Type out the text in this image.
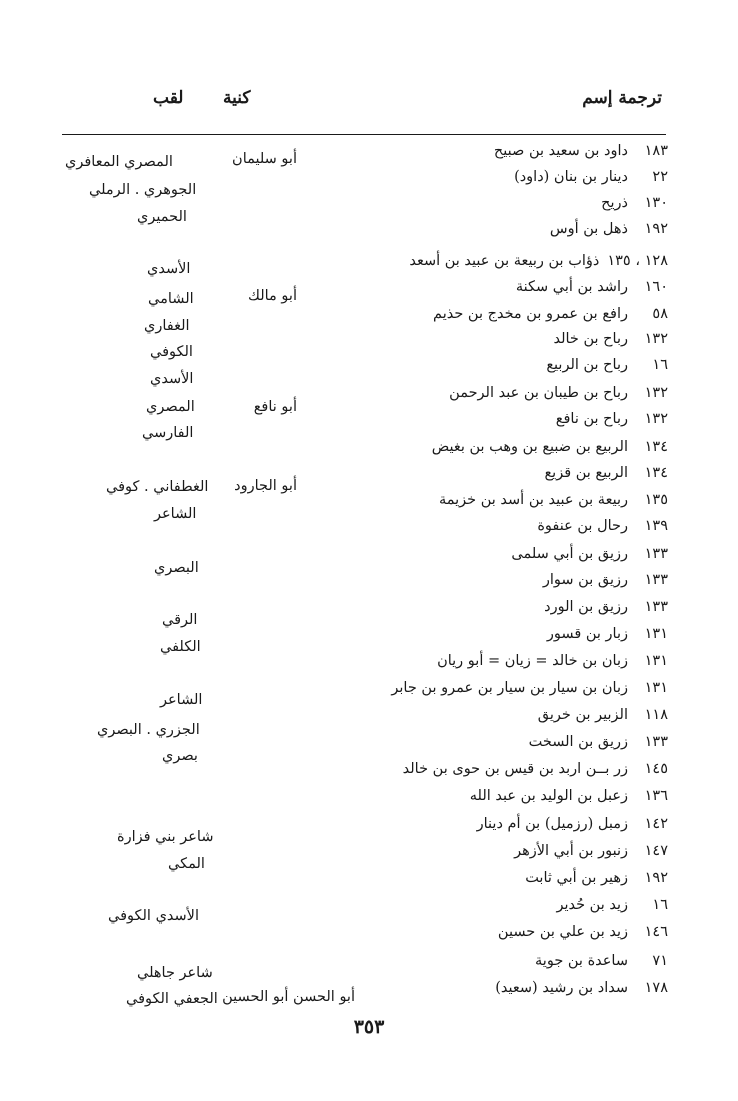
ترجمة إسم
كنية
لقب
١٨٣داود بن سعيد بن صبيح
٢٢دينار بن بنان (داود)
١٣٠ذريح
١٩٢ذهل بن أوس
١٢٨ ، ١٣٥ذؤاب بن ربيعة بن عبيد بن أسعد
١٦٠راشد بن أبي سكنة
٥٨رافع بن عمرو بن مخدج بن حذيم
١٣٢رباح بن خالد
١٦رباح بن الربيع
١٣٢رباح بن طيبان بن عبد الرحمن
١٣٢رباح بن نافع
١٣٤الربيع بن ضبيع بن وهب بن بغيض
١٣٤الربيع بن قزيع
١٣٥ربيعة بن عبيد بن أسد بن خزيمة
١٣٩رحال بن عنفوة
١٣٣رزيق بن أبي سلمى
١٣٣رزيق بن سوار
١٣٣رزيق بن الورد
١٣١زبار بن قسور
١٣١زبان بن خالد = زيان = أبو ريان
١٣١زبان بن سيار بن سيار بن عمرو بن جابر
١١٨الزبير بن خريق
١٣٣زريق بن السخت
١٤٥زر بــن اربد بن قيس بن حوى بن خالد
١٣٦زعبل بن الوليد بن عبد الله
١٤٢زمبل (رزميل) بن أم دينار
١٤٧زنبور بن أبي الأزهر
١٩٢زهير بن أبي ثابت
١٦زيد بن حُدير
١٤٦زيد بن علي بن حسين
٧١ساعدة بن جوية
١٧٨سداد بن رشيد (سعيد)
أبو سليمان
أبو مالك
أبو نافع
أبو الجارود
أبو الحسن أبو الحسين
المصري المعافري
الجوهري . الرملي
الحميري
الأسدي
الشامي
الغفاري
الكوفي
الأسدي
المصري
الفارسي
الغطفاني . كوفي
الشاعر
البصري
الرقي
الكلفي
الشاعر
الجزري . البصري
بصري
شاعر بني فزارة
المكي
الأسدي الكوفي
شاعر جاهلي
الجعفي الكوفي
٣٥٣
